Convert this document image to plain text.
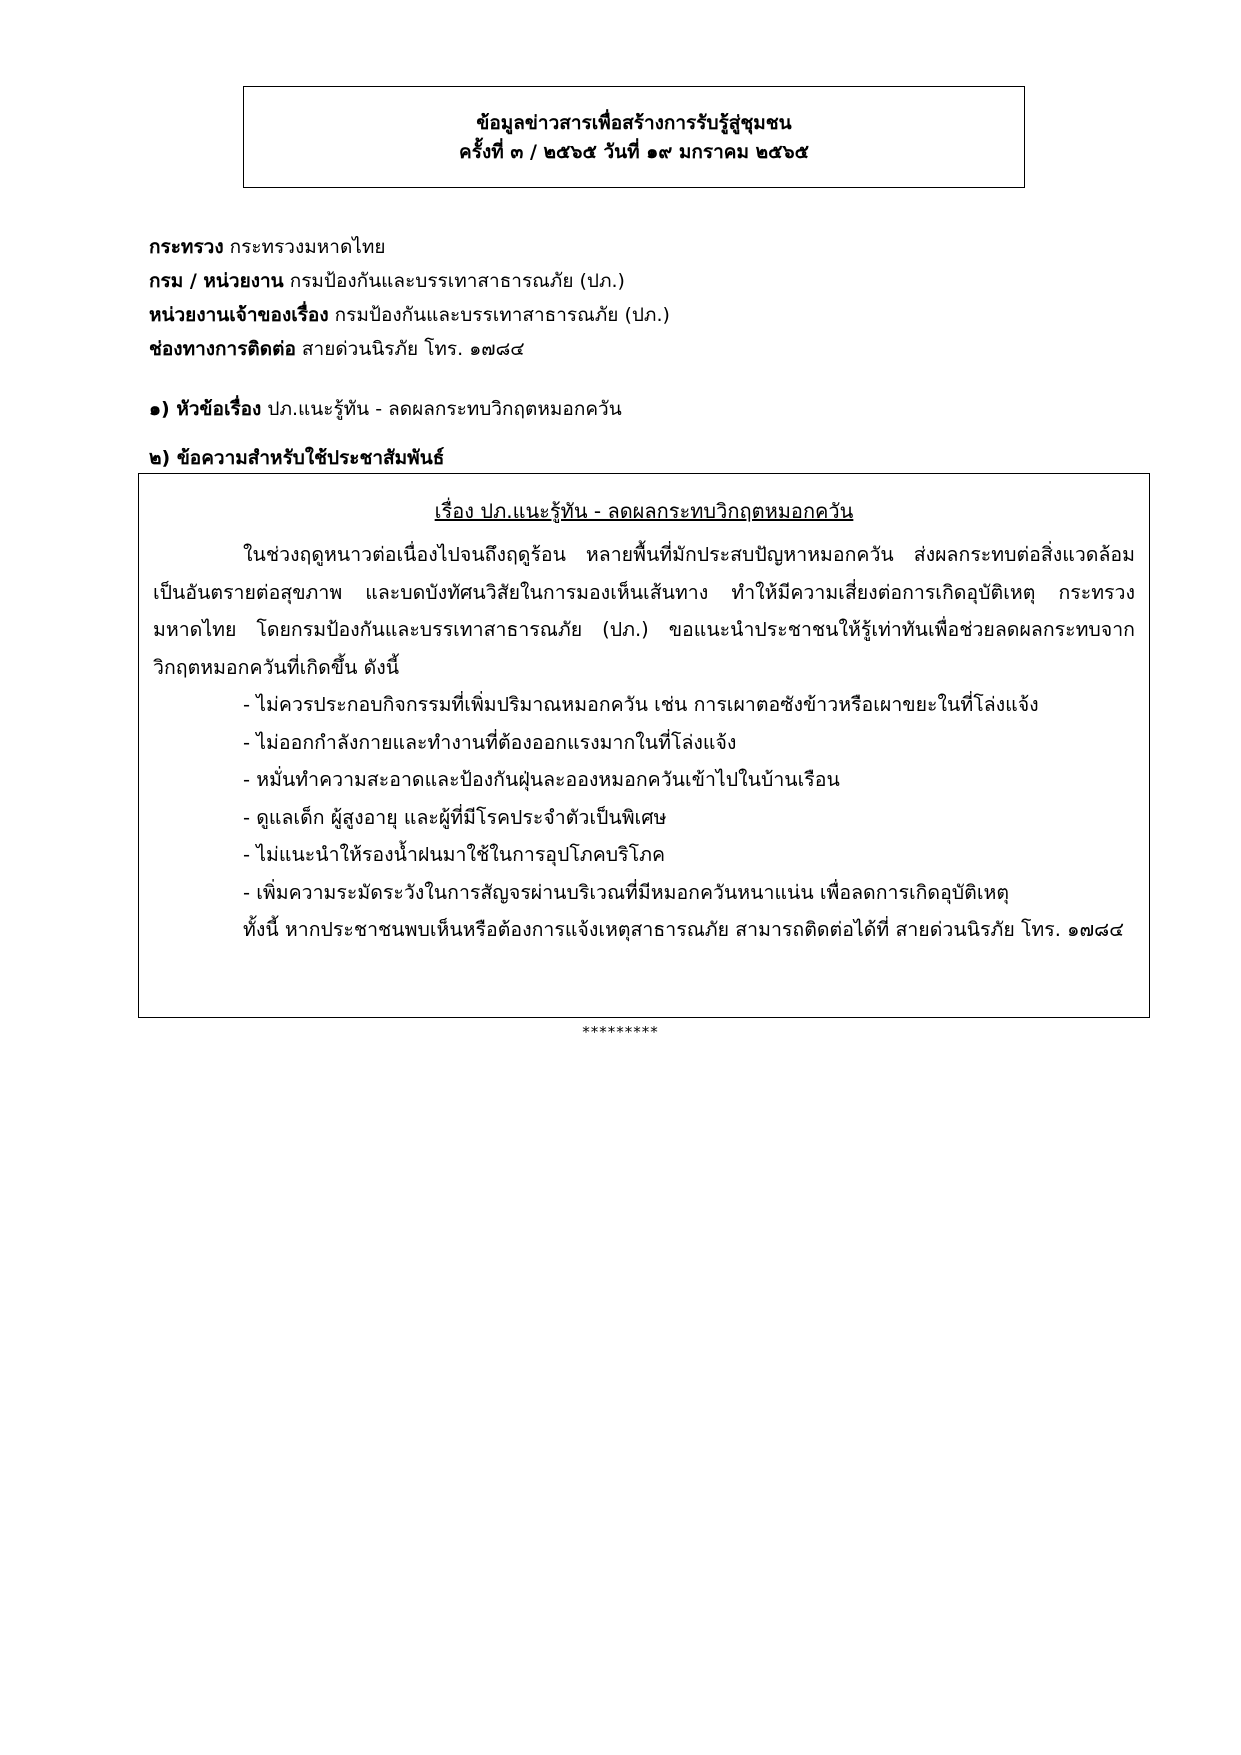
ข้อมูลข่าวสารเพื่อสร้างการรับรู้สู่ชุมชน
ครั้งที่ ๓ / ๒๕๖๕ วันที่ ๑๙ มกราคม ๒๕๖๕
กระทรวง กระทรวงมหาดไทย
กรม / หน่วยงาน กรมป้องกันและบรรเทาสาธารณภัย (ปภ.)
หน่วยงานเจ้าของเรื่อง กรมป้องกันและบรรเทาสาธารณภัย (ปภ.)
ช่องทางการติดต่อ สายด่วนนิรภัย โทร. ๑๗๘๔
๑) หัวข้อเรื่อง ปภ.แนะรู้ทัน - ลดผลกระทบวิกฤตหมอกควัน
๒) ข้อความสำหรับใช้ประชาสัมพันธ์
เรื่อง ปภ.แนะรู้ทัน - ลดผลกระทบวิกฤตหมอกควัน
ในช่วงฤดูหนาวต่อเนื่องไปจนถึงฤดูร้อน หลายพื้นที่มักประสบปัญหาหมอกควัน ส่งผลกระทบต่อสิ่งแวดล้อม เป็นอันตรายต่อสุขภาพ และบดบังทัศนวิสัยในการมองเห็นเส้นทาง ทำให้มีความเสี่ยงต่อการเกิดอุบัติเหตุ กระทรวงมหาดไทย โดยกรมป้องกันและบรรเทาสาธารณภัย (ปภ.) ขอแนะนำประชาชนให้รู้เท่าทันเพื่อช่วยลดผลกระทบจากวิกฤตหมอกควันที่เกิดขึ้น ดังนี้
- ไม่ควรประกอบกิจกรรมที่เพิ่มปริมาณหมอกควัน เช่น การเผาตอซังข้าวหรือเผาขยะในที่โล่งแจ้ง
- ไม่ออกกำลังกายและทำงานที่ต้องออกแรงมากในที่โล่งแจ้ง
- หมั่นทำความสะอาดและป้องกันฝุ่นละอองหมอกควันเข้าไปในบ้านเรือน
- ดูแลเด็ก ผู้สูงอายุ และผู้ที่มีโรคประจำตัวเป็นพิเศษ
- ไม่แนะนำให้รองน้ำฝนมาใช้ในการอุปโภคบริโภค
- เพิ่มความระมัดระวังในการสัญจรผ่านบริเวณที่มีหมอกควันหนาแน่น เพื่อลดการเกิดอุบัติเหตุ
ทั้งนี้ หากประชาชนพบเห็นหรือต้องการแจ้งเหตุสาธารณภัย สามารถติดต่อได้ที่ สายด่วนนิรภัย โทร. ๑๗๘๔
*********
